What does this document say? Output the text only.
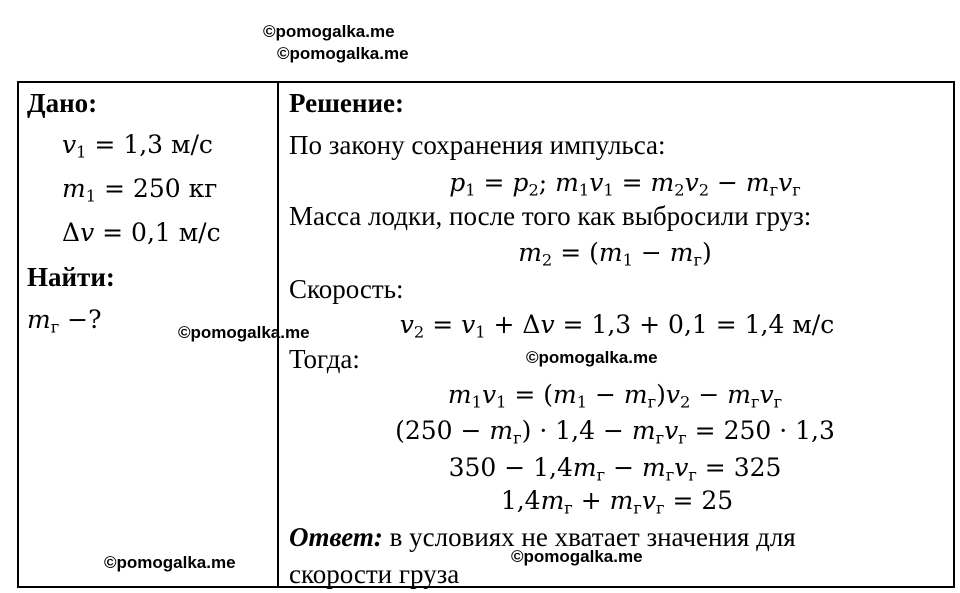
©pomogalka.me
©pomogalka.me
©pomogalka.me
©pomogalka.me
©pomogalka.me	©pomogalka.me
Дано:
$v_1 = 1,3$ м/с
$m_1 = 250$ кг
Δv = 0,1 м/с
Найти:
$m_г$ −?
Решение:
По закону сохранения импульса:
$p_1 = p_2$; $m_1v_1 = m_2v_2 - m_гv_г$
Масса лодки, после того как выбросили груз:
$m_2 = (m_1 - m_г)$
Скорость:
$v_2 = v_1 + \Delta v = 1,3 + 0,1 = 1,4$ м/с
Тогда:
$m_1v_1 = (m_1 - m_г)v_2 - m_гv_г$
$(250 - m_г) \cdot 1,4 - m_гv_г = 250 \cdot 1,3$
$350 - 1,4m_г - m_гv_г = 325$
$1,4m_г + m_гv_г = 25$
Ответ: в условиях не хватает значения для
скорости груза
